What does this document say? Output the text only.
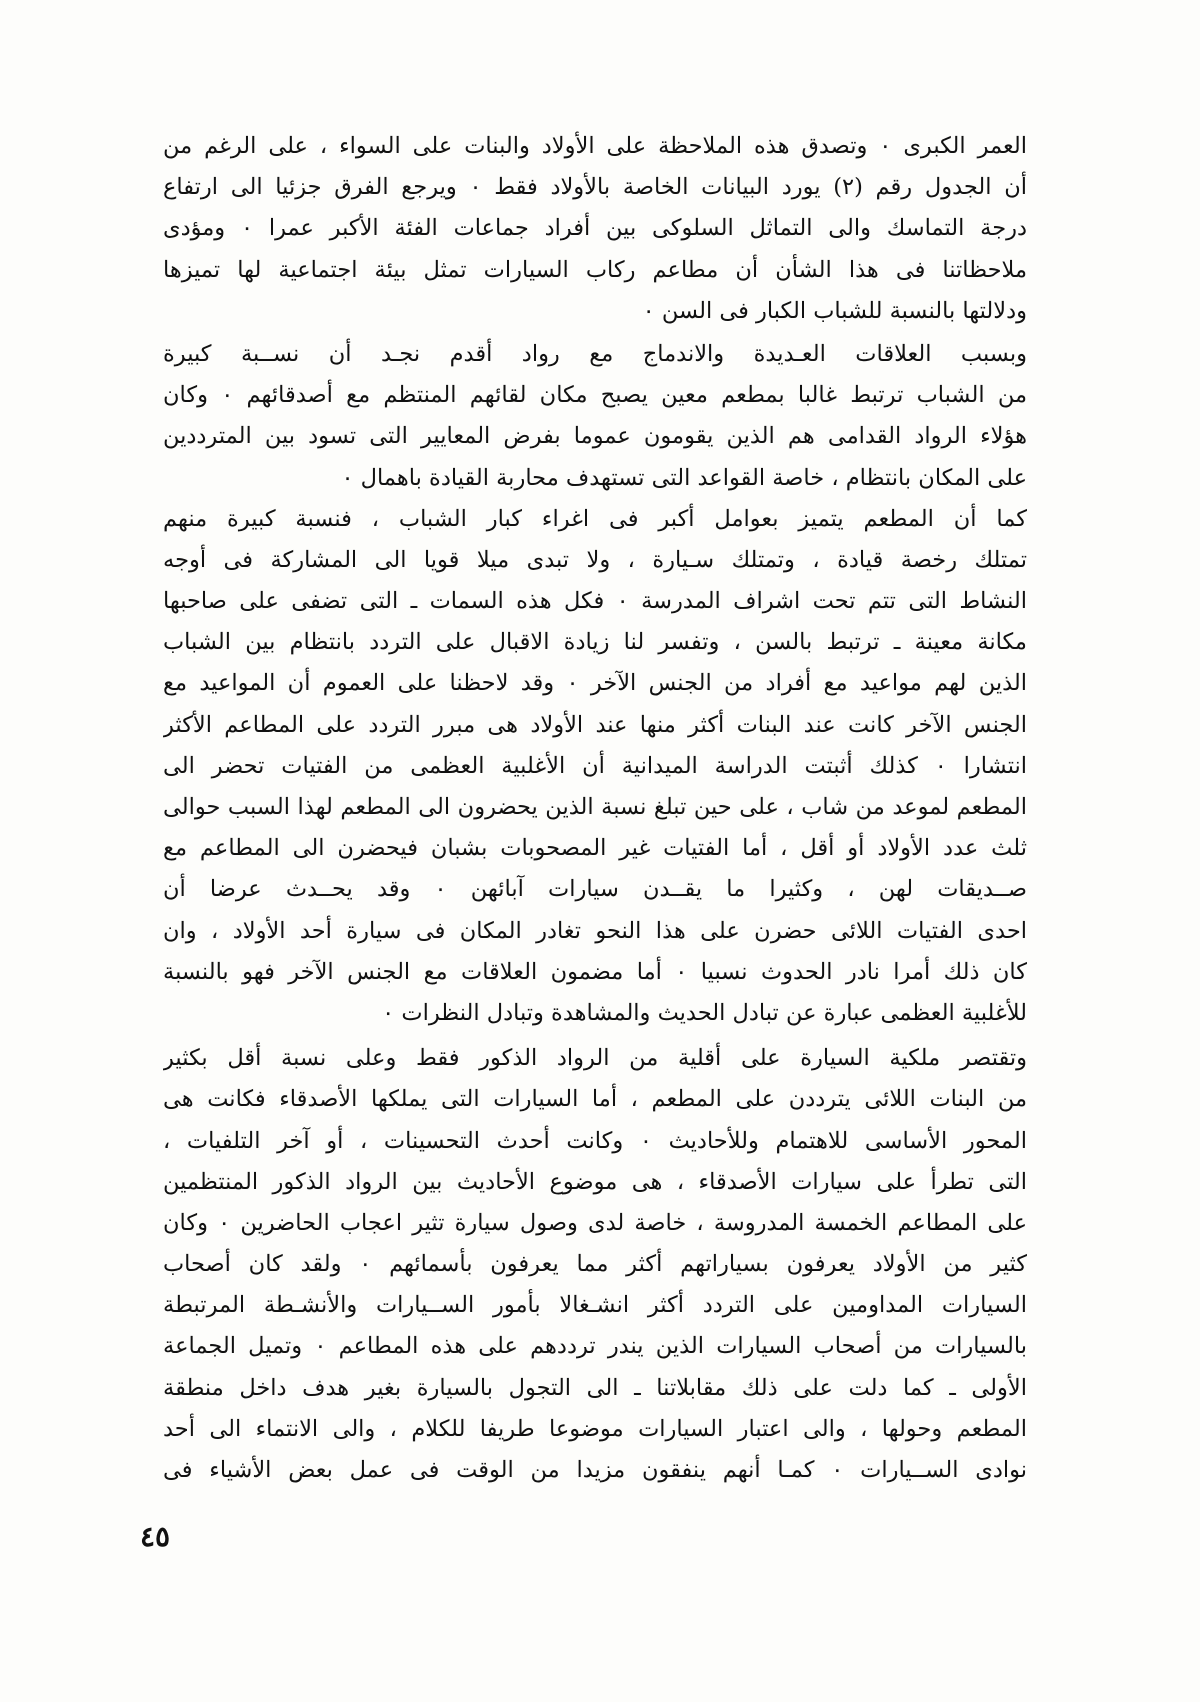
العمر الكبرى ٠ وتصدق هذه الملاحظة على الأولاد والبنات على السواء ، على الرغم من
أن الجدول رقم (٢) يورد البيانات الخاصة بالأولاد فقط ٠ ويرجع الفرق جزئيا الى ارتفاع
درجة التماسك والى التماثل السلوكى بين أفراد جماعات الفئة الأكبر عمرا ٠ ومؤدى
ملاحظاتنا فى هذا الشأن أن مطاعم ركاب السيارات تمثل بيئة اجتماعية لها تميزها
ودلالتها بالنسبة للشباب الكبار فى السن ٠
وبسبب العلاقات العـديدة والاندماج مع رواد أقدم نجـد أن نســبة كبيرة
من الشباب ترتبط غالبا بمطعم معين يصبح مكان لقائهم المنتظم مع أصدقائهم ٠ وكان
هؤلاء الرواد القدامى هم الذين يقومون عموما بفرض المعايير التى تسود بين المترددين
على المكان بانتظام ، خاصة القواعد التى تستهدف محاربة القيادة باهمال ٠
كما أن المطعم يتميز بعوامل أكبر فى اغراء كبار الشباب ، فنسبة كبيرة منهم
تمتلك رخصة قيادة ، وتمتلك سـيارة ، ولا تبدى ميلا قويا الى المشاركة فى أوجه
النشاط التى تتم تحت اشراف المدرسة ٠ فكل هذه السمات ـ التى تضفى على صاحبها
مكانة معينة ـ ترتبط بالسن ، وتفسر لنا زيادة الاقبال على التردد بانتظام بين الشباب
الذين لهم مواعيد مع أفراد من الجنس الآخر ٠ وقد لاحظنا على العموم أن المواعيد مع
الجنس الآخر كانت عند البنات أكثر منها عند الأولاد هى مبرر التردد على المطاعم الأكثر
انتشارا ٠ كذلك أثبتت الدراسة الميدانية أن الأغلبية العظمى من الفتيات تحضر الى
المطعم لموعد من شاب ، على حين تبلغ نسبة الذين يحضرون الى المطعم لهذا السبب حوالى
ثلث عدد الأولاد أو أقل ، أما الفتيات غير المصحوبات بشبان فيحضرن الى المطاعم مع
صــديقات لهن ، وكثيرا ما يقــدن سيارات آبائهن ٠ وقد يحــدث عرضا أن
احدى الفتيات اللائى حضرن على هذا النحو تغادر المكان فى سيارة أحد الأولاد ، وان
كان ذلك أمرا نادر الحدوث نسبيا ٠ أما مضمون العلاقات مع الجنس الآخر فهو بالنسبة
للأغلبية العظمى عبارة عن تبادل الحديث والمشاهدة وتبادل النظرات ٠
وتقتصر ملكية السيارة على أقلية من الرواد الذكور فقط وعلى نسبة أقل بكثير
من البنات اللائى يترددن على المطعم ، أما السيارات التى يملكها الأصدقاء فكانت هى
المحور الأساسى للاهتمام وللأحاديث ٠ وكانت أحدث التحسينات ، أو آخر التلفيات ،
التى تطرأ على سيارات الأصدقاء ، هى موضوع الأحاديث بين الرواد الذكور المنتظمين
على المطاعم الخمسة المدروسة ، خاصة لدى وصول سيارة تثير اعجاب الحاضرين ٠ وكان
كثير من الأولاد يعرفون بسياراتهم أكثر مما يعرفون بأسمائهم ٠ ولقد كان أصحاب
السيارات المداومين على التردد أكثر انشـغالا بأمور الســيارات والأنشـطة المرتبطة
بالسيارات من أصحاب السيارات الذين يندر ترددهم على هذه المطاعم ٠ وتميل الجماعة
الأولى ـ كما دلت على ذلك مقابلاتنا ـ الى التجول بالسيارة بغير هدف داخل منطقة
المطعم وحولها ، والى اعتبار السيارات موضوعا طريفا للكلام ، والى الانتماء الى أحد
نوادى الســيارات ٠ كمـا أنهم ينفقون مزيدا من الوقت فى عمل بعض الأشياء فى
٤٥
